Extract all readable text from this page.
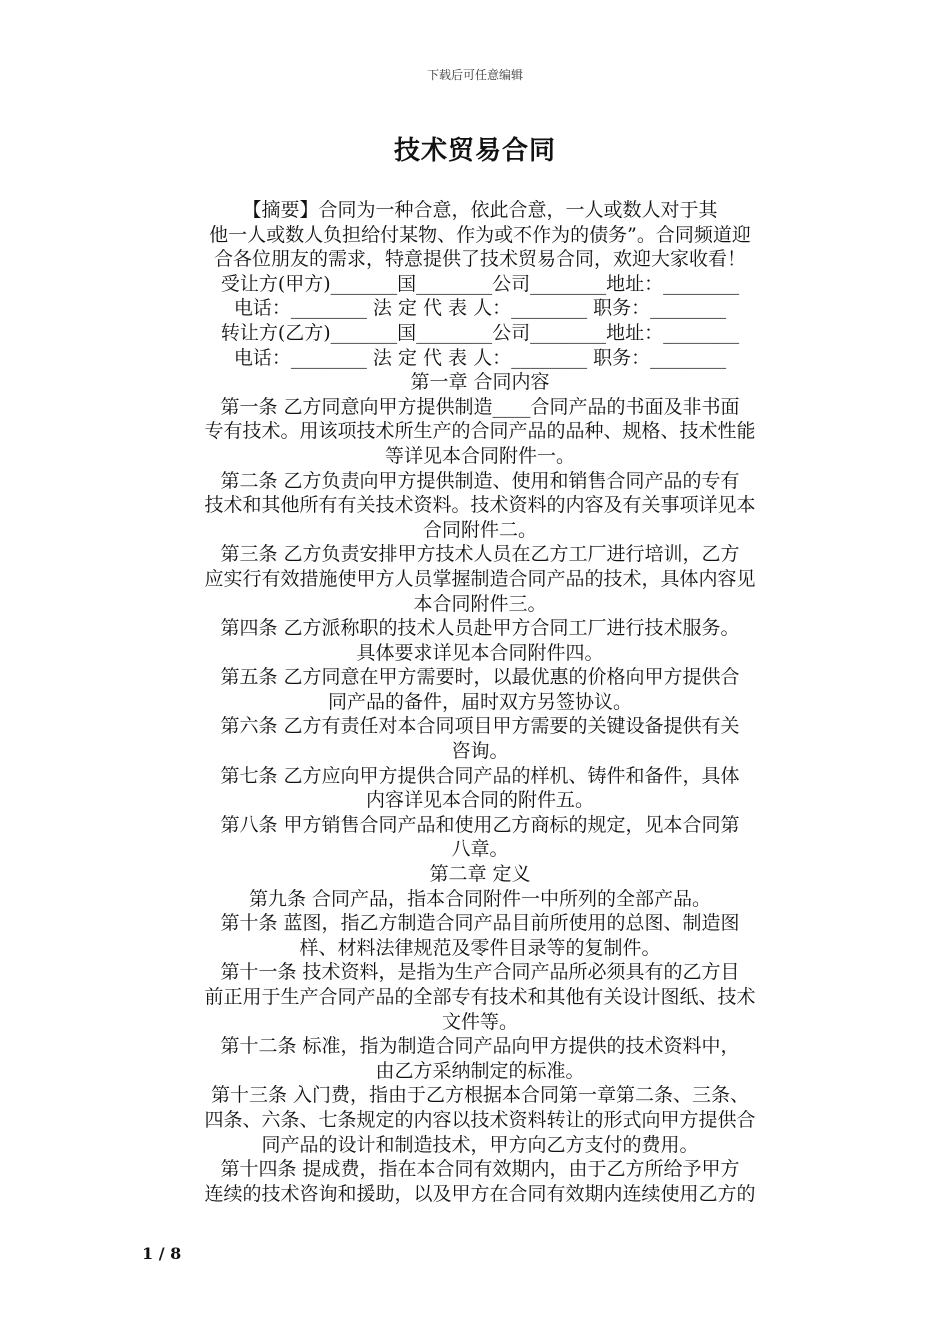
下载后可任意编辑
技术贸易合同
【摘要】合同为一种合意，依此合意，一人或数人对于其
他一人或数人负担给付某物、作为或不作为的债务”。合同频道迎
合各位朋友的需求，特意提供了技术贸易合同，欢迎大家收看！
受让方(甲方)_______国________公司________地址：________
电话：________ 法 定 代 表 人：________ 职务：________
转让方(乙方)_______国________公司________地址：________
电话：________ 法 定 代 表 人：________ 职务：________
第一章 合同内容
第一条 乙方同意向甲方提供制造____合同产品的书面及非书面
专有技术。用该项技术所生产的合同产品的品种、规格、技术性能
等详见本合同附件一。
第二条 乙方负责向甲方提供制造、使用和销售合同产品的专有
技术和其他所有有关技术资料。技术资料的内容及有关事项详见本
合同附件二。
第三条 乙方负责安排甲方技术人员在乙方工厂进行培训，乙方
应实行有效措施使甲方人员掌握制造合同产品的技术，具体内容见
本合同附件三。
第四条 乙方派称职的技术人员赴甲方合同工厂进行技术服务。
具体要求详见本合同附件四。
第五条 乙方同意在甲方需要时，以最优惠的价格向甲方提供合
同产品的备件，届时双方另签协议。
第六条 乙方有责任对本合同项目甲方需要的关键设备提供有关
咨询。
第七条 乙方应向甲方提供合同产品的样机、铸件和备件，具体
内容详见本合同的附件五。
第八条 甲方销售合同产品和使用乙方商标的规定，见本合同第
八章。
第二章 定义
第九条 合同产品，指本合同附件一中所列的全部产品。
第十条 蓝图，指乙方制造合同产品目前所使用的总图、制造图
样、材料法律规范及零件目录等的复制件。
第十一条 技术资料，是指为生产合同产品所必须具有的乙方目
前正用于生产合同产品的全部专有技术和其他有关设计图纸、技术
文件等。
第十二条 标准，指为制造合同产品向甲方提供的技术资料中，
由乙方采纳制定的标准。
第十三条 入门费，指由于乙方根据本合同第一章第二条、三条、
四条、六条、七条规定的内容以技术资料转让的形式向甲方提供合
同产品的设计和制造技术，甲方向乙方支付的费用。
第十四条 提成费，指在本合同有效期内，由于乙方所给予甲方
连续的技术咨询和援助，以及甲方在合同有效期内连续使用乙方的
1 / 8
